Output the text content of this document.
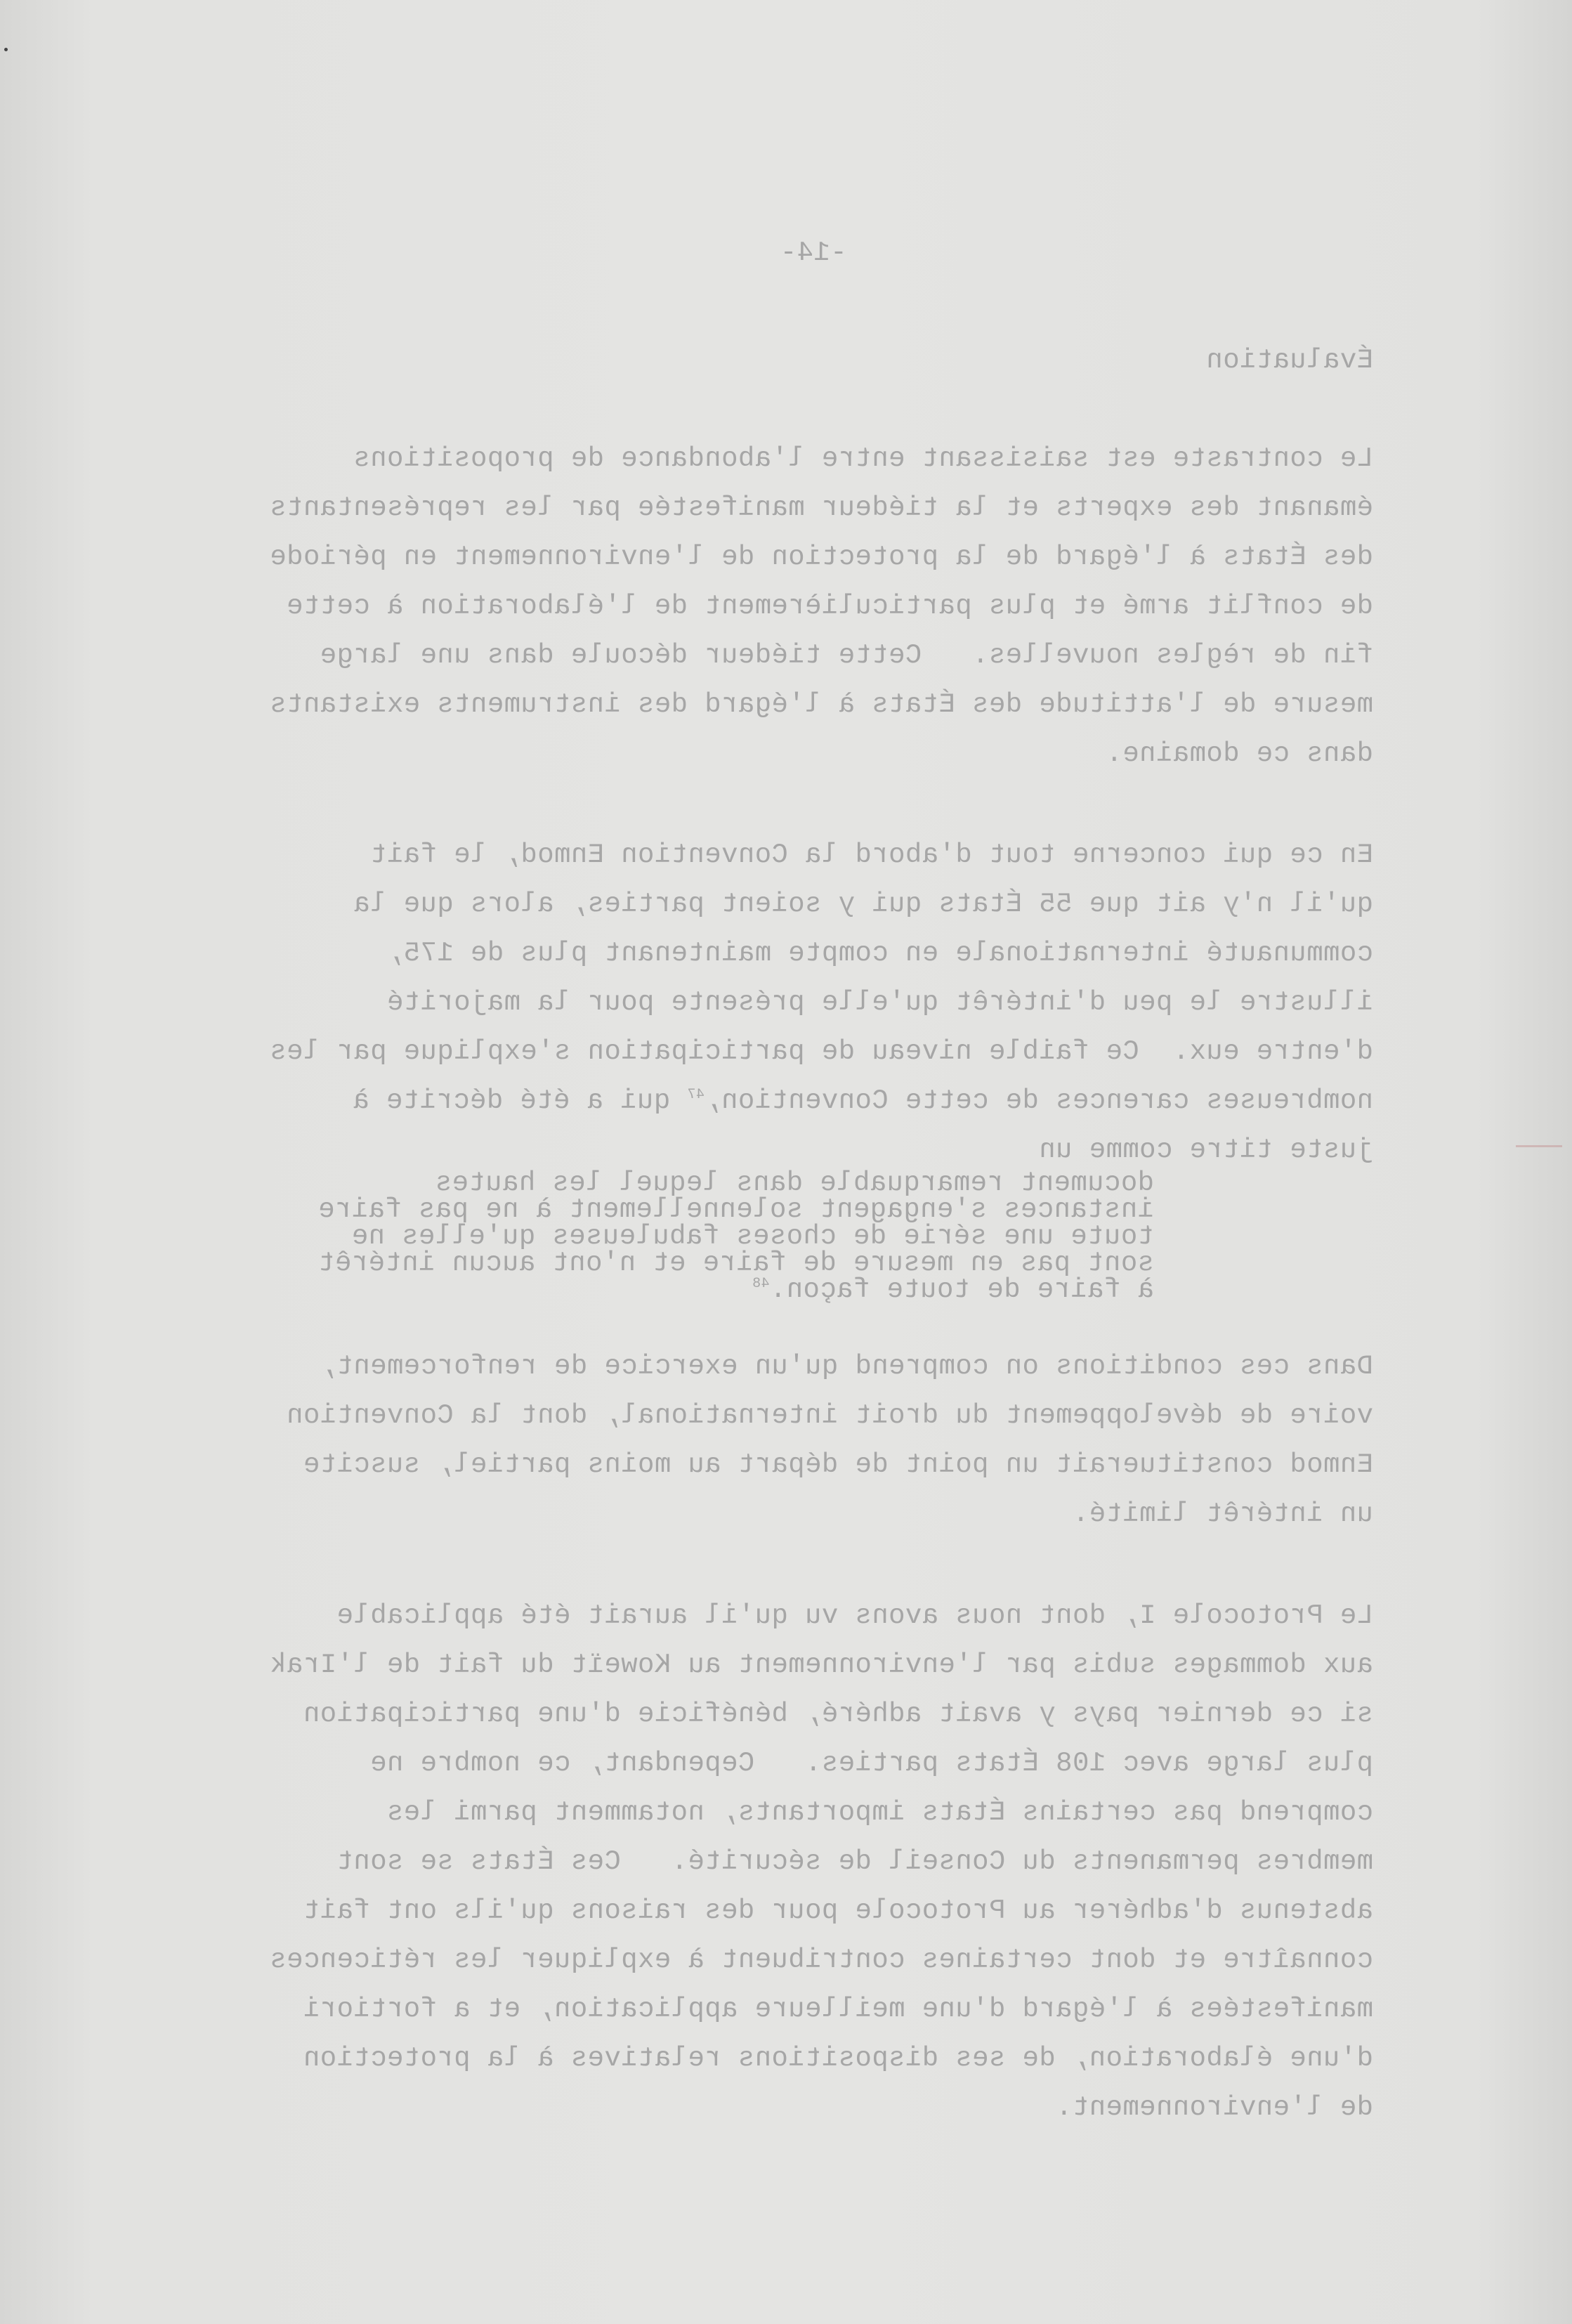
-14-
Évaluation
Le contraste est saisissant entre l'abondance de propositions
émanant des experts et la tiédeur manifestée par les représentants
des États à l'égard de la protection de l'environnement en période
de conflit armé et plus particulièrement de l'élaboration à cette
fin de règles nouvelles.   Cette tiédeur découle dans une large
mesure de l'attitude des États à l'égard des instruments existants
dans ce domaine.
En ce qui concerne tout d'abord la Convention Enmod, le fait
qu'il n'y ait que 55 États qui y soient parties, alors que la
communauté internationale en compte maintenant plus de 175,
illustre le peu d'intérêt qu'elle présente pour la majorité
d'entre eux.  Ce faible niveau de participation s'explique par les
nombreuses carences de cette Convention,$^{47}$ qui a été décrite à
juste titre comme un
document remarquable dans lequel les hautes
instances s'engagent solennellement à ne pas faire
toute une série de choses fabuleuses qu'elles ne
sont pas en mesure de faire et n'ont aucun intérêt
à faire de toute façon.$^{48}$
Dans ces conditions on comprend qu'un exercice de renforcement,
voire de développement du droit international, dont la Convention
Enmod constituerait un point de départ au moins partiel, suscite
un intérêt limité.
Le Protocole I, dont nous avons vu qu'il aurait été applicable
aux dommages subis par l'environnement au Koweït du fait de l'Irak
si ce dernier pays y avait adhéré, bénéficie d'une participation
plus large avec 108 États parties.   Cependant, ce nombre ne
comprend pas certains États importants, notamment parmi les
membres permanents du Conseil de sécurité.   Ces États se sont
abstenus d'adhérer au Protocole pour des raisons qu'ils ont fait
connaître et dont certaines contribuent à expliquer les réticences
manifestées à l'égard d'une meilleure application, et a fortiori
d'une élaboration, de ses dispositions relatives à la protection
de l'environnement.
